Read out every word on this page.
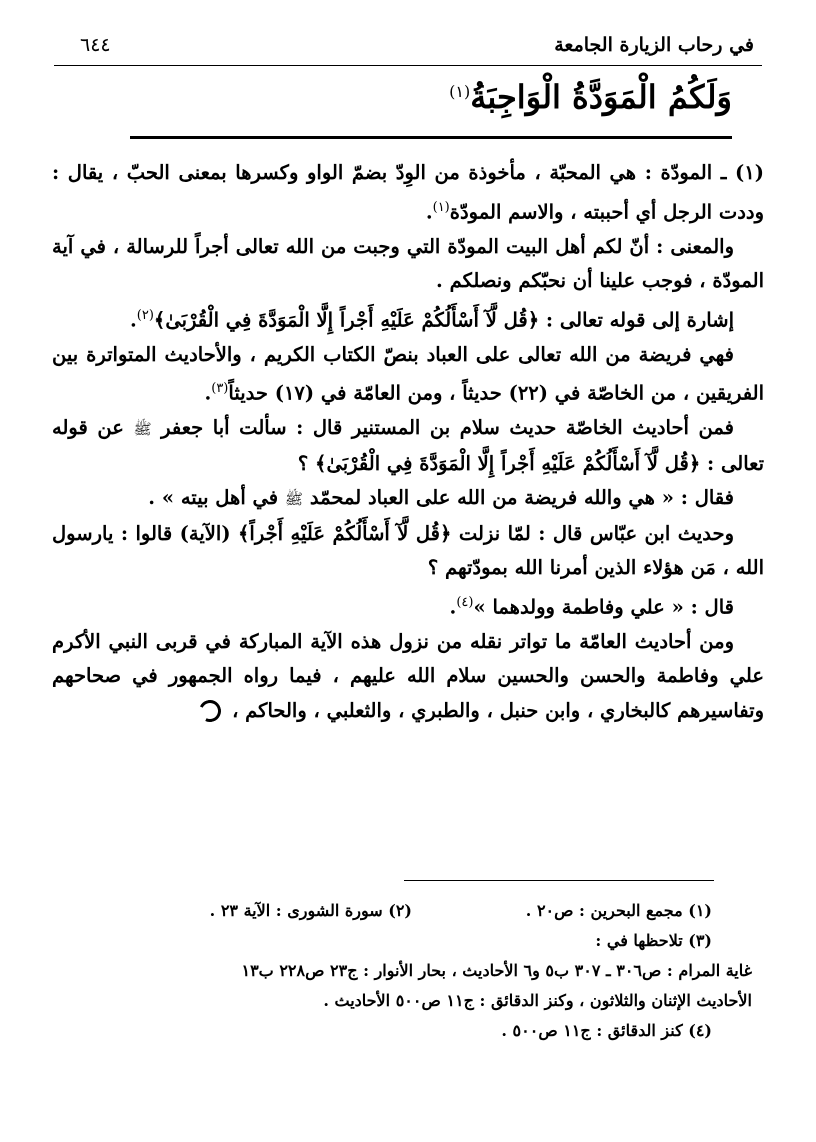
في رحاب الزيارة الجامعة
٦٤٤
وَلَكُمُ الْمَوَدَّةُ الْوَاجِبَةُ$^{(١)}$

(١) ـ المودّة : هي المحبّة ، مأخوذة من الوِدّ بضمّ الواو وكسرها بمعنى الحبّ ، يقال : وددت الرجل أي أحببته ، والاسم المودّة$^{(١)}$.

والمعنى : أنّ لكم أهل البيت المودّة التي وجبت من الله تعالى أجراً للرسالة ، في آية المودّة ، فوجب علينا أن نحبّكم ونصلكم .

إشارة إلى قوله تعالى : ﴿قُل لَّآ أَسْأَلُكُمْ عَلَيْهِ أَجْراً إِلَّا الْمَوَدَّةَ فِي الْقُرْبَىٰ﴾$^{(٢)}$.

فهي فريضة من الله تعالى على العباد بنصّ الكتاب الكريم ، والأحاديث المتواترة بين الفريقين ، من الخاصّة في (٢٢) حديثاً ، ومن العامّة في (١٧) حديثاً$^{(٣)}$.

فمن أحاديث الخاصّة حديث سلام بن المستنير قال : سألت أبا جعفر ﷺ عن قوله تعالى : ﴿قُل لَّآ أَسْأَلُكُمْ عَلَيْهِ أَجْراً إِلَّا الْمَوَدَّةَ فِي الْقُرْبَىٰ﴾ ؟

فقال : « هي والله فريضة من الله على العباد لمحمّد ﷺ في أهل بيته » .

وحديث ابن عبّاس قال : لمّا نزلت ﴿قُل لَّآ أَسْأَلُكُمْ عَلَيْهِ أَجْراً﴾ (الآية) قالوا : يارسول الله ، مَن هؤلاء الذين أمرنا الله بمودّتهم ؟

قال : « علي وفاطمة وولدهما »$^{(٤)}$.

ومن أحاديث العامّة ما تواتر نقله من نزول هذه الآية المباركة في قربى النبي الأكرم علي وفاطمة والحسن والحسين سلام الله عليهم ، فيما رواه الجمهور في صحاحهم وتفاسيرهم كالبخاري ، وابن حنبل ، والطبري ، والثعلبي ، والحاكم ،

(١) مجمع البحرين : ص٢٠ .
(٢) سورة الشورى : الآية ٢٣ .

(٣) تلاحظها في :

غاية المرام : ص٣٠٦ ـ ٣٠٧ ب٥ و٦ الأحاديث ، بحار الأنوار : ج٢٣ ص٢٢٨ ب١٣

الأحاديث الإثنان والثلاثون ، وكنز الدقائق : ج١١ ص٥٠٠ الأحاديث .

(٤) كنز الدقائق : ج١١ ص٥٠٠ .
